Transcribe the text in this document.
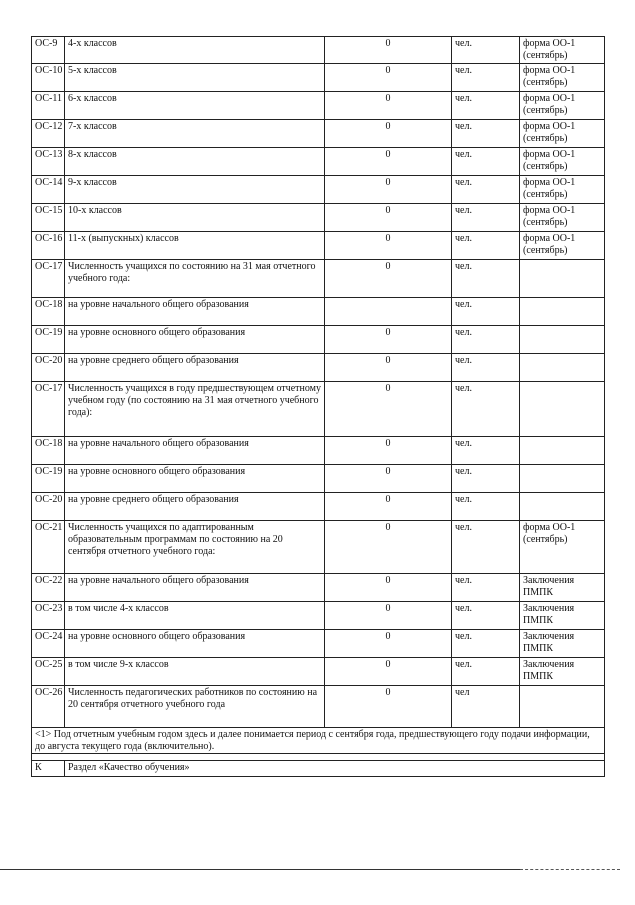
ОС-9	4-х классов	0	чел.	форма ОО-1 (сентябрь)
ОС-10	5-х классов	0	чел.	форма ОО-1 (сентябрь)
ОС-11	6-х классов	0	чел.	форма ОО-1 (сентябрь)
ОС-12	7-х классов	0	чел.	форма ОО-1 (сентябрь)
ОС-13	8-х классов	0	чел.	форма ОО-1 (сентябрь)
ОС-14	9-х классов	0	чел.	форма ОО-1 (сентябрь)
ОС-15	10-х классов	0	чел.	форма ОО-1 (сентябрь)
ОС-16	11-х (выпускных) классов	0	чел.	форма ОО-1 (сентябрь)
ОС-17	Численность учащихся по состоянию на 31 мая отчетного учебного года:	0	чел.	
ОС-18	на уровне начального общего образования		чел.	
ОС-19	на уровне основного общего образования	0	чел.	
ОС-20	на уровне среднего общего образования	0	чел.	
ОС-17	Численность учащихся в году предшествующем отчетному учебном году (по состоянию на 31 мая отчетного учебного года):	0	чел.	
ОС-18	на уровне начального общего образования	0	чел.	
ОС-19	на уровне основного общего образования	0	чел.	
ОС-20	на уровне среднего общего образования	0	чел.	
ОС-21	Численность учащихся по адаптированным образовательным программам по состоянию на 20 сентября отчетного учебного года:	0	чел.	форма ОО-1 (сентябрь)
ОС-22	на уровне начального общего образования	0	чел.	Заключения ПМПК
ОС-23	в том числе 4-х классов	0	чел.	Заключения ПМПК
ОС-24	на уровне основного общего образования	0	чел.	Заключения ПМПК
ОС-25	в том числе 9-х классов	0	чел.	Заключения ПМПК
ОС-26	Численность педагогических работников по состоянию на 20 сентября отчетного учебного года	0	чел	
<1> Под отчетным учебным годом здесь и далее понимается период с сентября года, предшествующего году подачи информации, до августа текущего года (включительно).				

К	Раздел «Качество обучения»			
